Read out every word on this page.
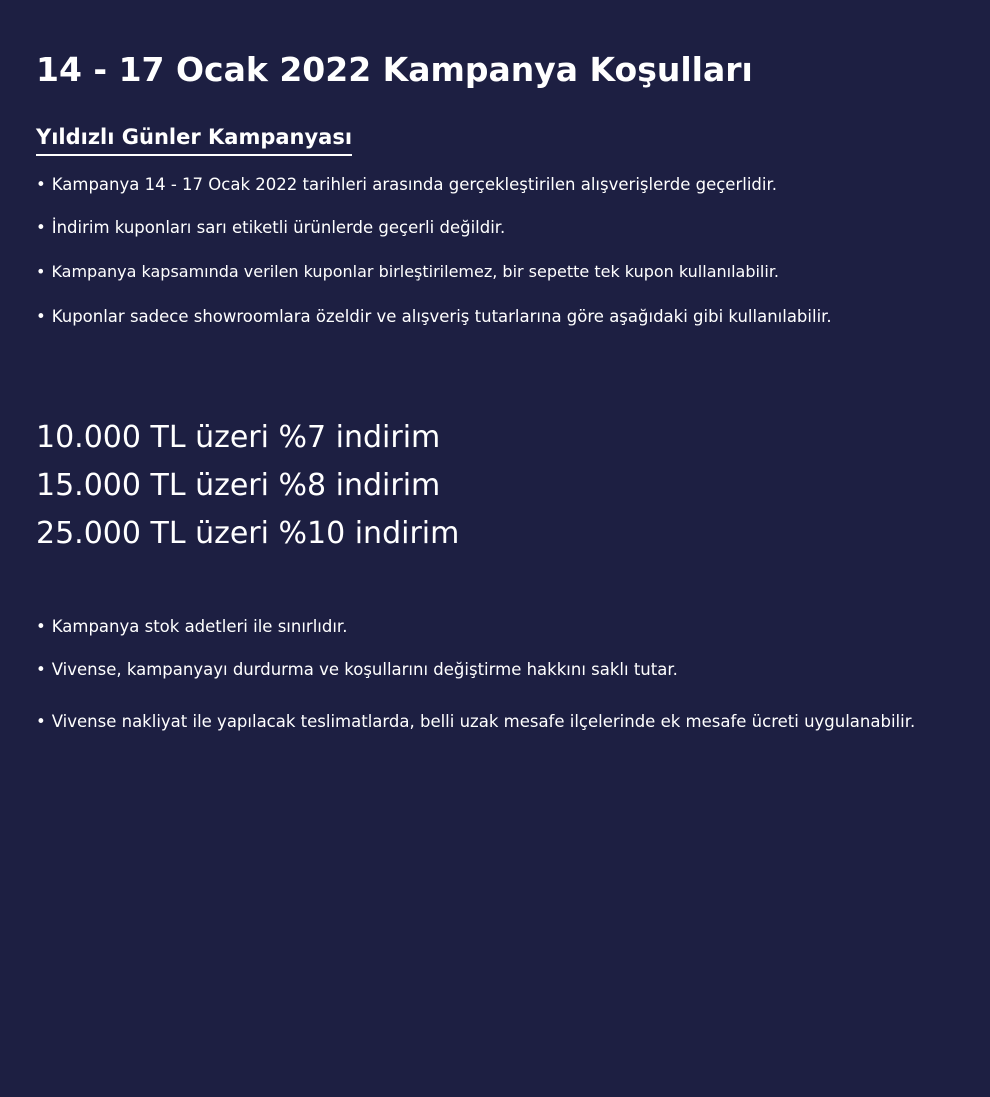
14 - 17 Ocak 2022 Kampanya Koşulları
Yıldızlı Günler Kampanyası

• Kampanya 14 - 17 Ocak 2022 tarihleri arasında gerçekleştirilen alışverişlerde geçerlidir.

• İndirim kuponları sarı etiketli ürünlerde geçerli değildir.

• Kampanya kapsamında verilen kuponlar birleştirilemez, bir sepette tek kupon kullanılabilir.

• Kuponlar sadece showroomlara özeldir ve alışveriş tutarlarına göre aşağıdaki gibi kullanılabilir.

10.000 TL üzeri %7 indirim
15.000 TL üzeri %8 indirim
25.000 TL üzeri %10 indirim

• Kampanya stok adetleri ile sınırlıdır.

• Vivense, kampanyayı durdurma ve koşullarını değiştirme hakkını saklı tutar.

• Vivense nakliyat ile yapılacak teslimatlarda, belli uzak mesafe ilçelerinde ek mesafe ücreti uygulanabilir.
